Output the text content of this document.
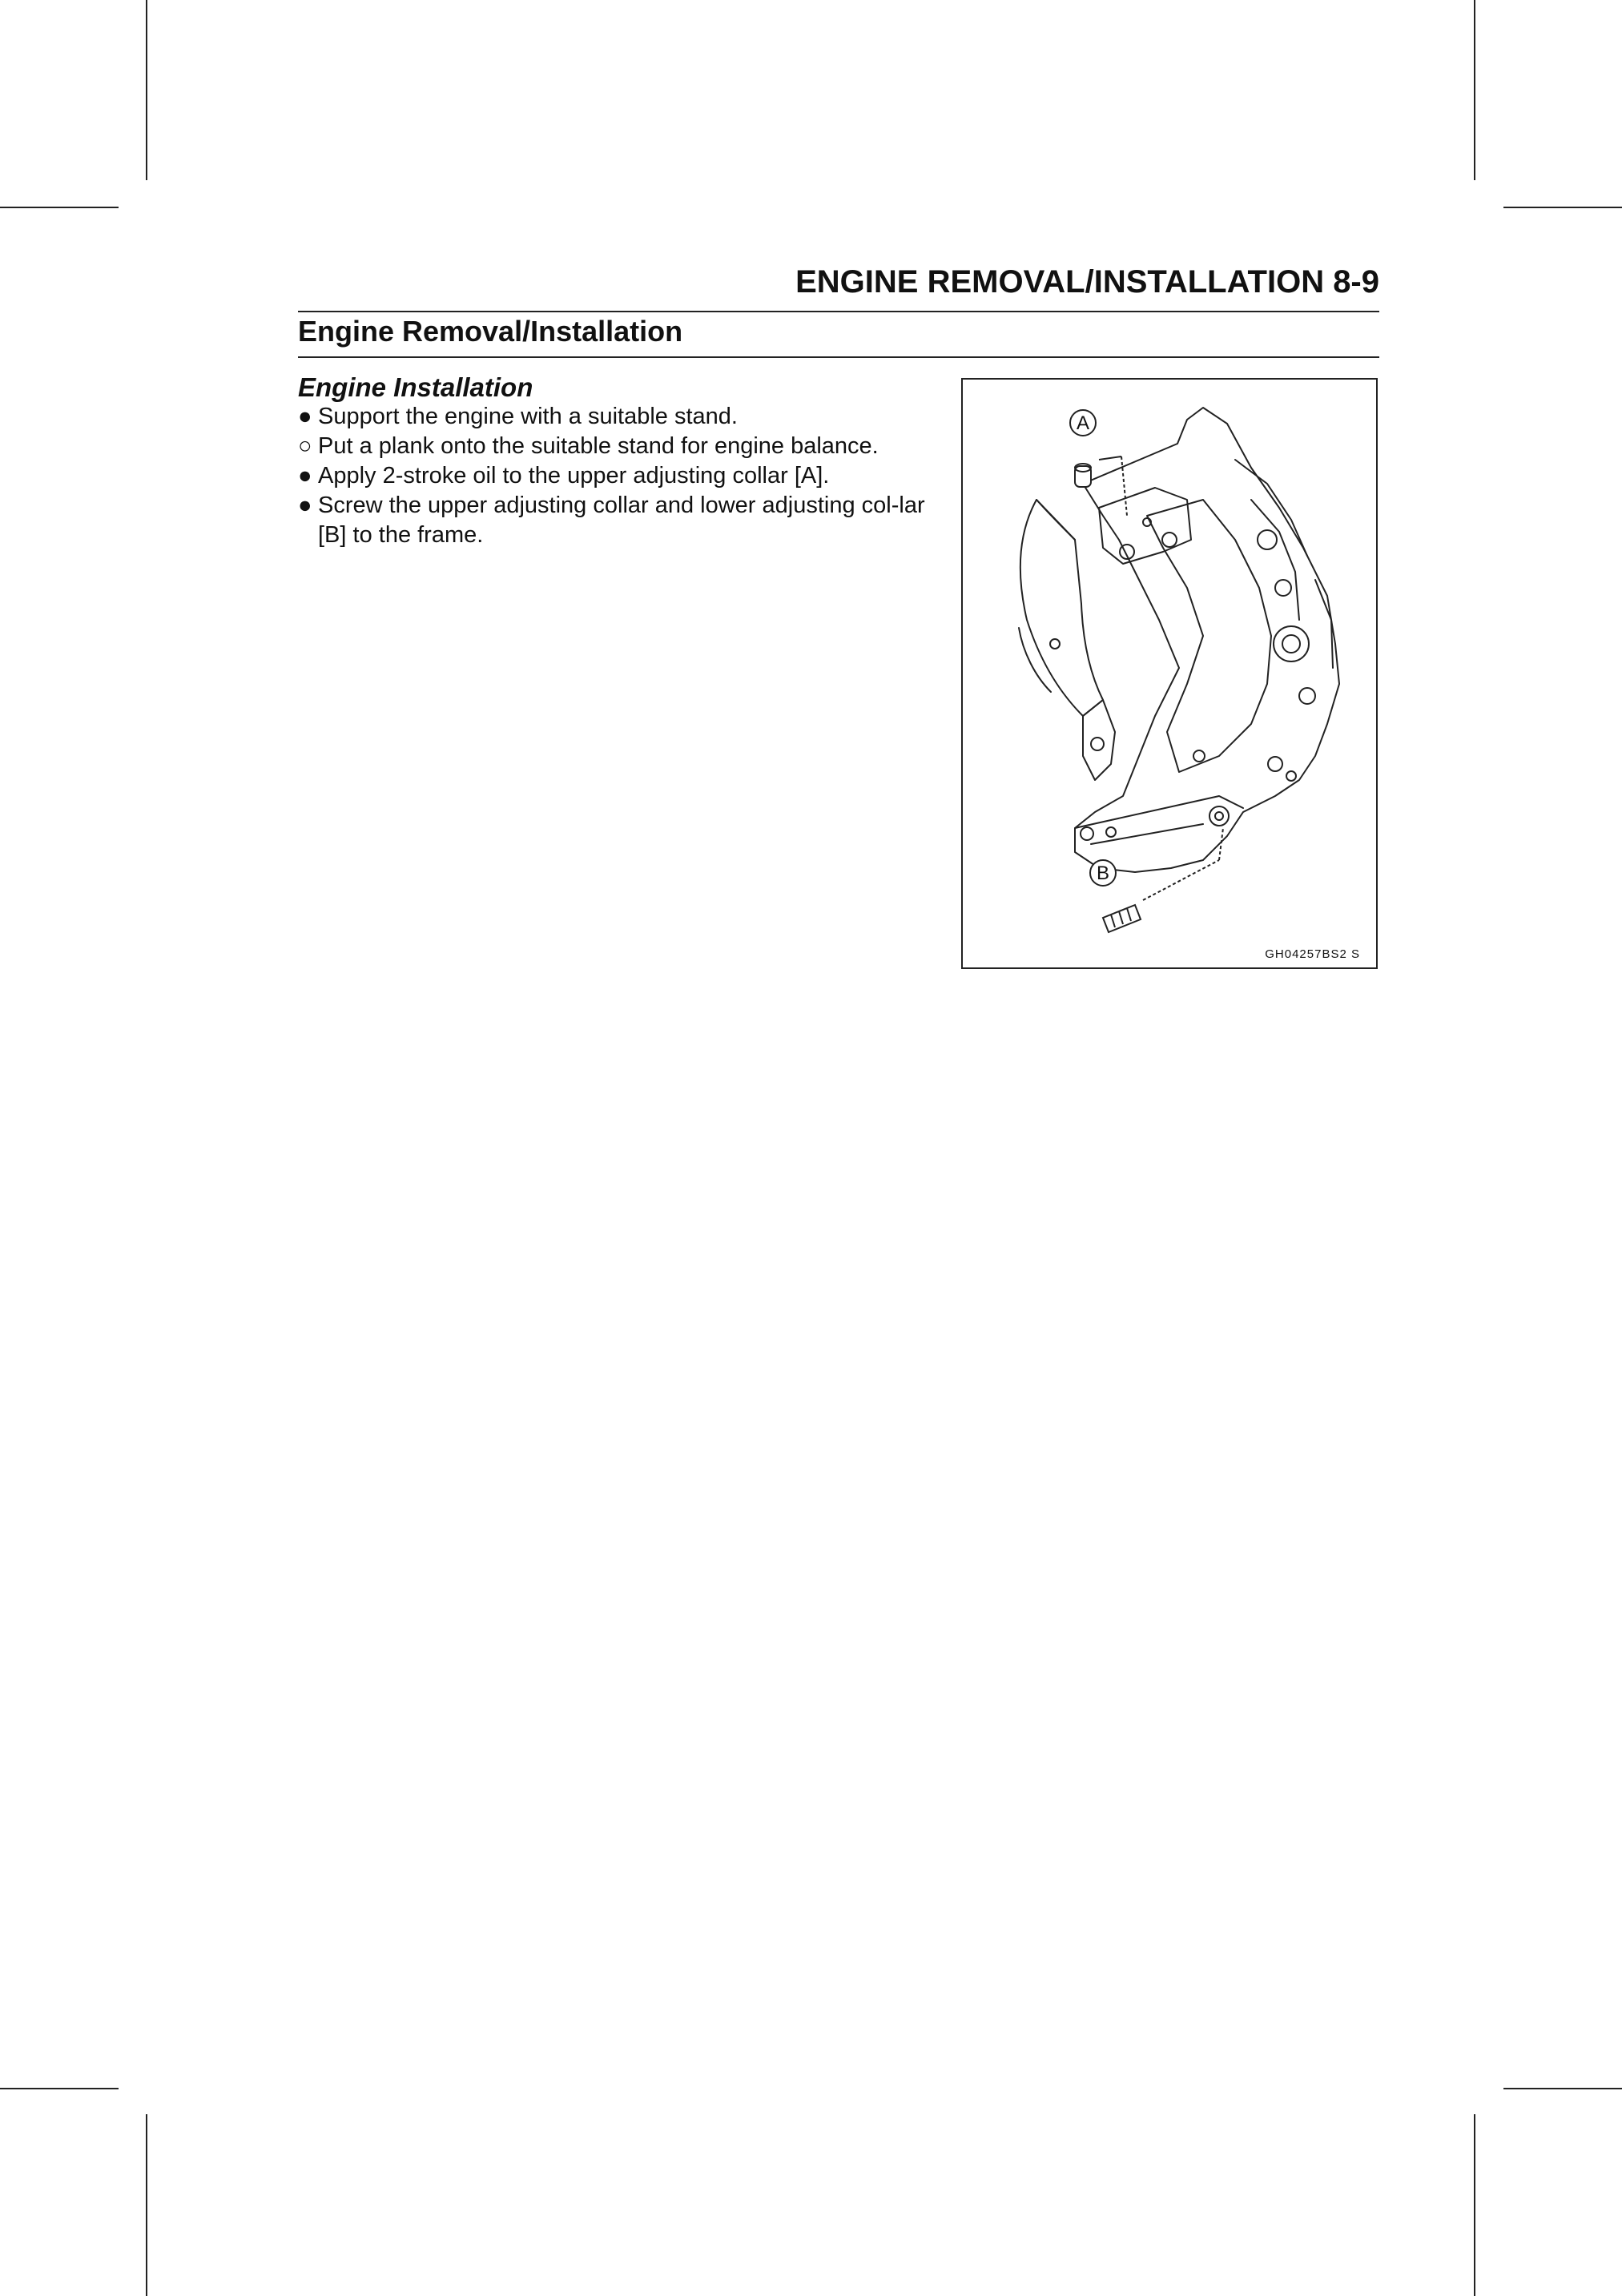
ENGINE REMOVAL/INSTALLATION 8-9
Engine Removal/Installation
Engine Installation
● Support the engine with a suitable stand.
○ Put a plank onto the suitable stand for engine balance.
● Apply 2-stroke oil to the upper adjusting collar [A].
● Screw the upper adjusting collar and lower adjusting col-lar [B] to the frame.
A
B
GH04257BS2 S
